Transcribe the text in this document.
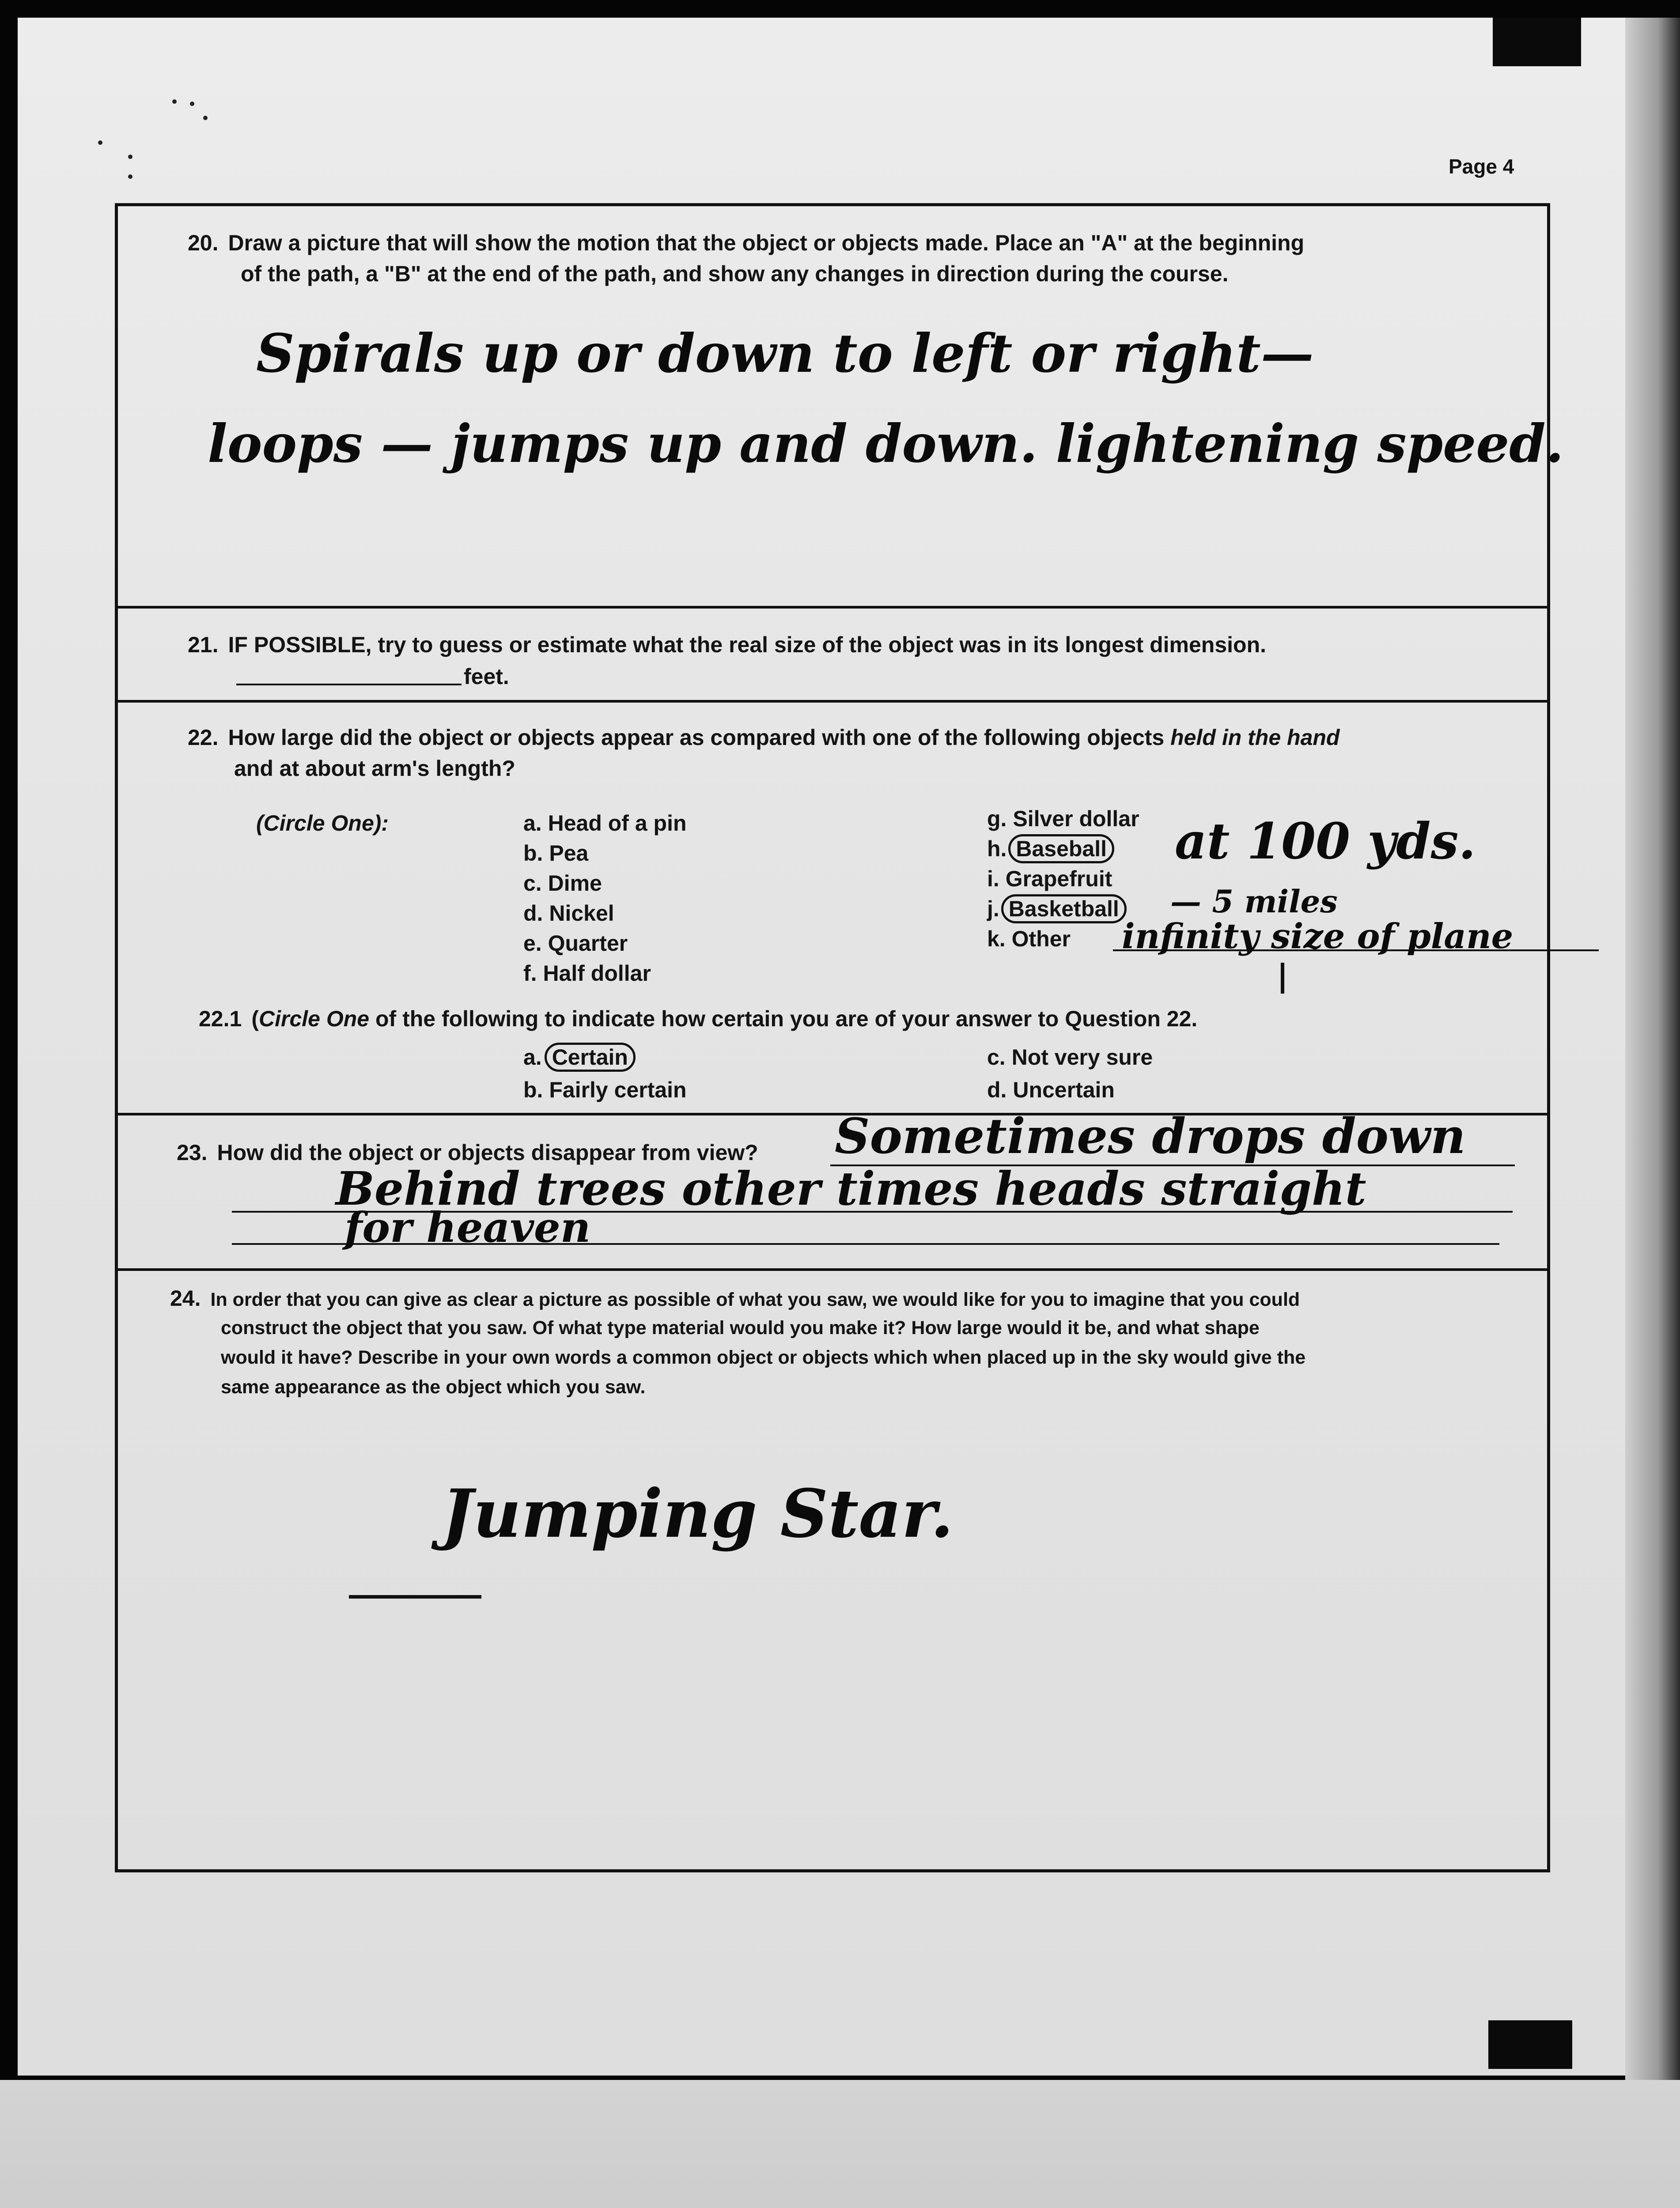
Page 4
20. Draw a picture that will show the motion that the object or objects made. Place an "A" at the beginning
of the path, a "B" at the end of the path, and show any changes in direction during the course.
Spirals up or down to left or right—
loops — jumps up and down. lightening speed.
21. IF POSSIBLE, try to guess or estimate what the real size of the object was in its longest dimension.
feet.
22. How large did the object or objects appear as compared with one of the following objects held in the hand
and at about arm's length?
(Circle One):	a. Head of a pin
b. Pea
c. Dime
d. Nickel
e. Quarter
f. Half dollar
g. Silver dollar
h. Baseball
i. Grapefruit
j. Basketball
k. Other
at 100 yds.
— 5 miles
infinity size of plane
22.1 (Circle One of the following to indicate how certain you are of your answer to Question 22.
a. Certain
b. Fairly certain
c. Not very sure
d. Uncertain
23. How did the object or objects disappear from view? Sometimes drops down
Behind trees other times heads straight
for heaven
24. In order that you can give as clear a picture as possible of what you saw, we would like for you to imagine that you could
construct the object that you saw. Of what type material would you make it? How large would it be, and what shape
would it have? Describe in your own words a common object or objects which when placed up in the sky would give the
same appearance as the object which you saw.
Jumping Star.
